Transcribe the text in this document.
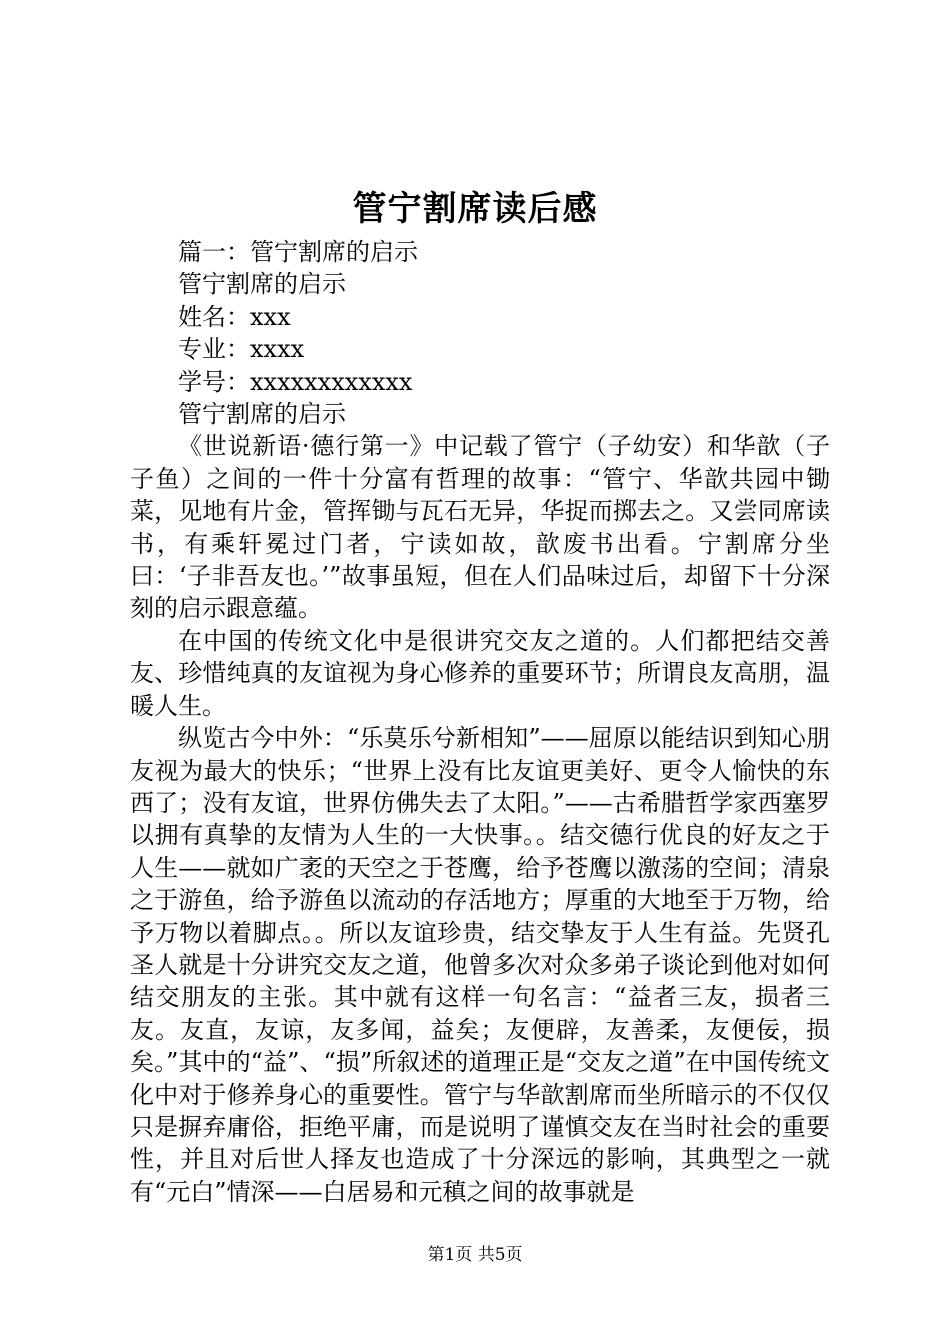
管宁割席读后感

篇一：管宁割席的启示

管宁割席的启示

姓名：xxx

专业：xxxx

学号：xxxxxxxxxxxx

管宁割席的启示

《世说新语·德行第一》中记载了管宁（子幼安）和华歆（子子鱼）之间的一件十分富有哲理的故事：“管宁、华歆共园中锄菜，见地有片金，管挥锄与瓦石无异，华捉而掷去之。又尝同席读书，有乘轩冕过门者，宁读如故，歆废书出看。宁割席分坐曰：‘子非吾友也。’”故事虽短，但在人们品味过后，却留下十分深刻的启示跟意蕴。

在中国的传统文化中是很讲究交友之道的。人们都把结交善友、珍惜纯真的友谊视为身心修养的重要环节；所谓良友高朋，温暖人生。

纵览古今中外：“乐莫乐兮新相知”——屈原以能结识到知心朋友视为最大的快乐；“世界上没有比友谊更美好、更令人愉快的东西了；没有友谊，世界仿佛失去了太阳。”——古希腊哲学家西塞罗以拥有真挚的友情为人生的一大快事。。结交德行优良的好友之于人生——就如广袤的天空之于苍鹰，给予苍鹰以激荡的空间；清泉之于游鱼，给予游鱼以流动的存活地方；厚重的大地至于万物，给予万物以着脚点。。所以友谊珍贵，结交挚友于人生有益。先贤孔圣人就是十分讲究交友之道，他曾多次对众多弟子谈论到他对如何结交朋友的主张。其中就有这样一句名言：“益者三友，损者三友。友直，友谅，友多闻，益矣；友便辟，友善柔，友便佞，损矣。”其中的“益”、“损”所叙述的道理正是“交友之道”在中国传统文化中对于修养身心的重要性。管宁与华歆割席而坐所暗示的不仅仅只是摒弃庸俗，拒绝平庸，而是说明了谨慎交友在当时社会的重要性，并且对后世人择友也造成了十分深远的影响，其典型之一就有“元白”情深——白居易和元稹之间的故事就是

第1页 共5页
